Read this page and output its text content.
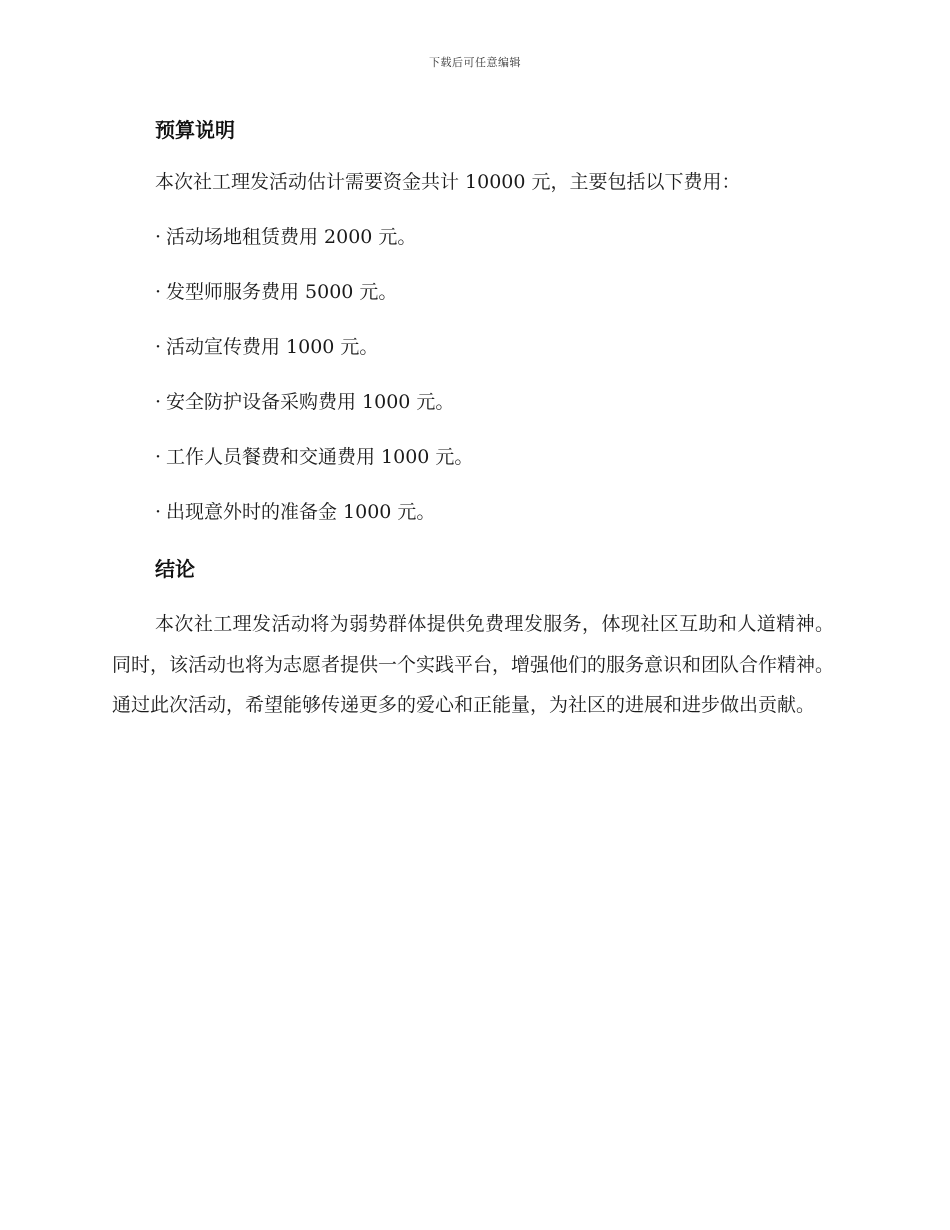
下载后可任意编辑
预算说明

本次社工理发活动估计需要资金共计 10000 元，主要包括以下费用：

· 活动场地租赁费用 2000 元。

· 发型师服务费用 5000 元。

· 活动宣传费用 1000 元。

· 安全防护设备采购费用 1000 元。

· 工作人员餐费和交通费用 1000 元。

· 出现意外时的准备金 1000 元。

结论

本次社工理发活动将为弱势群体提供免费理发服务，体现社区互助和人道精神。同时，该活动也将为志愿者提供一个实践平台，增强他们的服务意识和团队合作精神。通过此次活动，希望能够传递更多的爱心和正能量，为社区的进展和进步做出贡献。
